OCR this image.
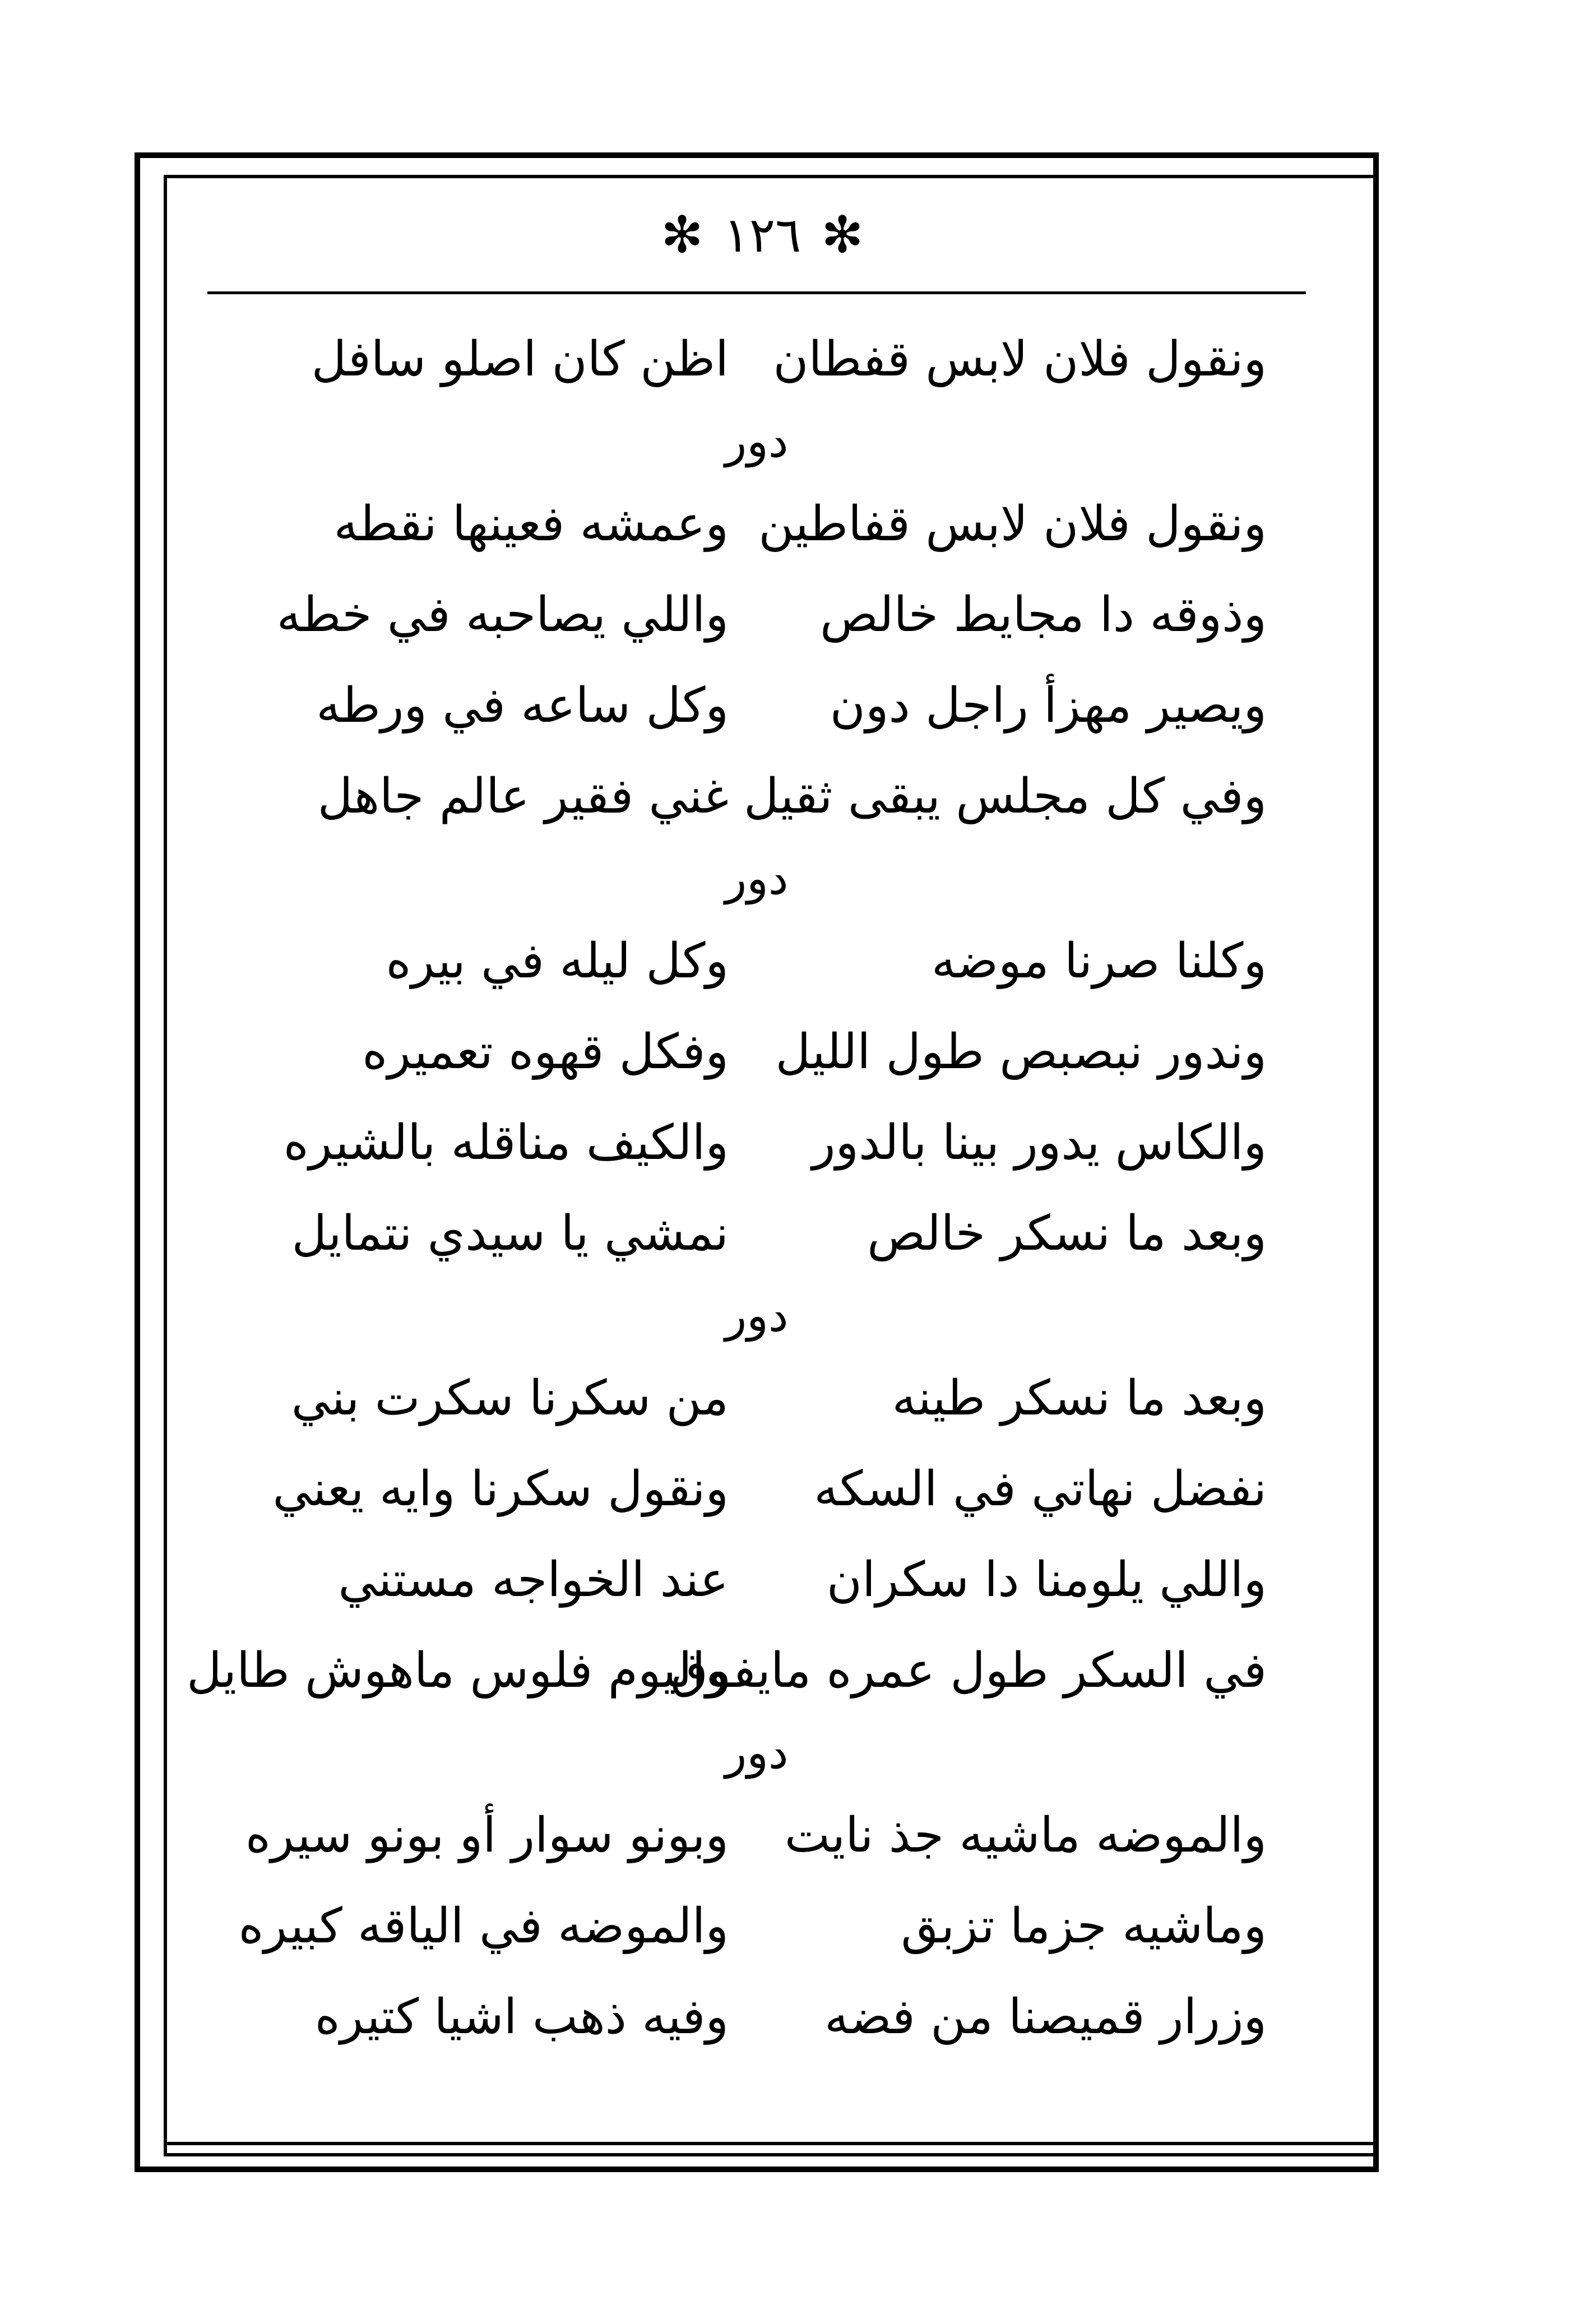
✻
١٢٦
✻
ونقول فلان لابس قفطان
اظن كان اصلو سافل
دور
ونقول فلان لابس قفاطين
وعمشه فعينها نقطه
وذوقه دا مجايط خالص
واللي يصاحبه في خطه
ويصير مهزأ راجل دون
وكل ساعه في ورطه
وفي كل مجلس يبقى ثقيل
غني فقير عالم جاهل
دور
وكلنا صرنا موضه
وكل ليله في بيره
وندور نبصبص طول الليل
وفكل قهوه تعميره
والكاس يدور بينا بالدور
والكيف مناقله بالشيره
وبعد ما نسكر خالص
نمشي يا سيدي نتمايل
دور
وبعد ما نسكر طينه
من سكرنا سكرت بني
نفضل نهاتي في السكه
ونقول سكرنا وايه يعني
واللي يلومنا دا سكران
عند الخواجه مستني
في السكر طول عمره مايفوق
واليوم فلوس ماهوش طايل
دور
والموضه ماشيه جذ نايت
وبونو سوار أو بونو سيره
وماشيه جزما تزبق
والموضه في الياقه كبيره
وزرار قميصنا من فضه
وفيه ذهب اشيا كتيره
